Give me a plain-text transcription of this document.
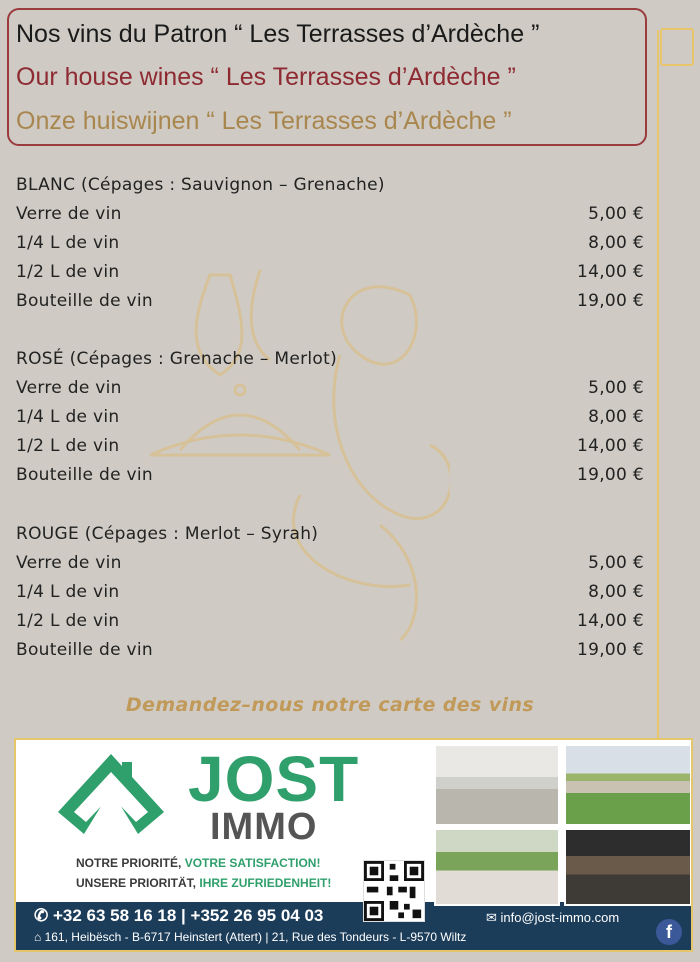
Nos vins du Patron “ Les Terrasses d’Ardèche ”
Our house wines “ Les Terrasses d’Ardèche ”
Onze huiswijnen “ Les Terrasses d’Ardèche ”
BLANC (Cépages : Sauvignon – Grenache)
Verre de vin	5,00 €
1/4 L de vin	8,00 €
1/2 L de vin	14,00 €
Bouteille de vin	19,00 €
ROSÉ (Cépages : Grenache – Merlot)
Verre de vin	5,00 €
1/4 L de vin	8,00 €
1/2 L de vin	14,00 €
Bouteille de vin	19,00 €
ROUGE (Cépages : Merlot – Syrah)
Verre de vin	5,00 €
1/4 L de vin	8,00 €
1/2 L de vin	14,00 €
Bouteille de vin	19,00 €
Demandez–nous notre carte des vins
JOST
IMMO
NOTRE PRIORITÉ, VOTRE SATISFACTION!
UNSERE PRIORITÄT, IHRE ZUFRIEDENHEIT!
✆ +32 63 58 16 18 | +352 26 95 04 03
⌂ 161, Heibësch - B-6717 Heinstert (Attert) | 21, Rue des Tondeurs - L-9570 Wiltz
✉ info@jost-immo.com
f
